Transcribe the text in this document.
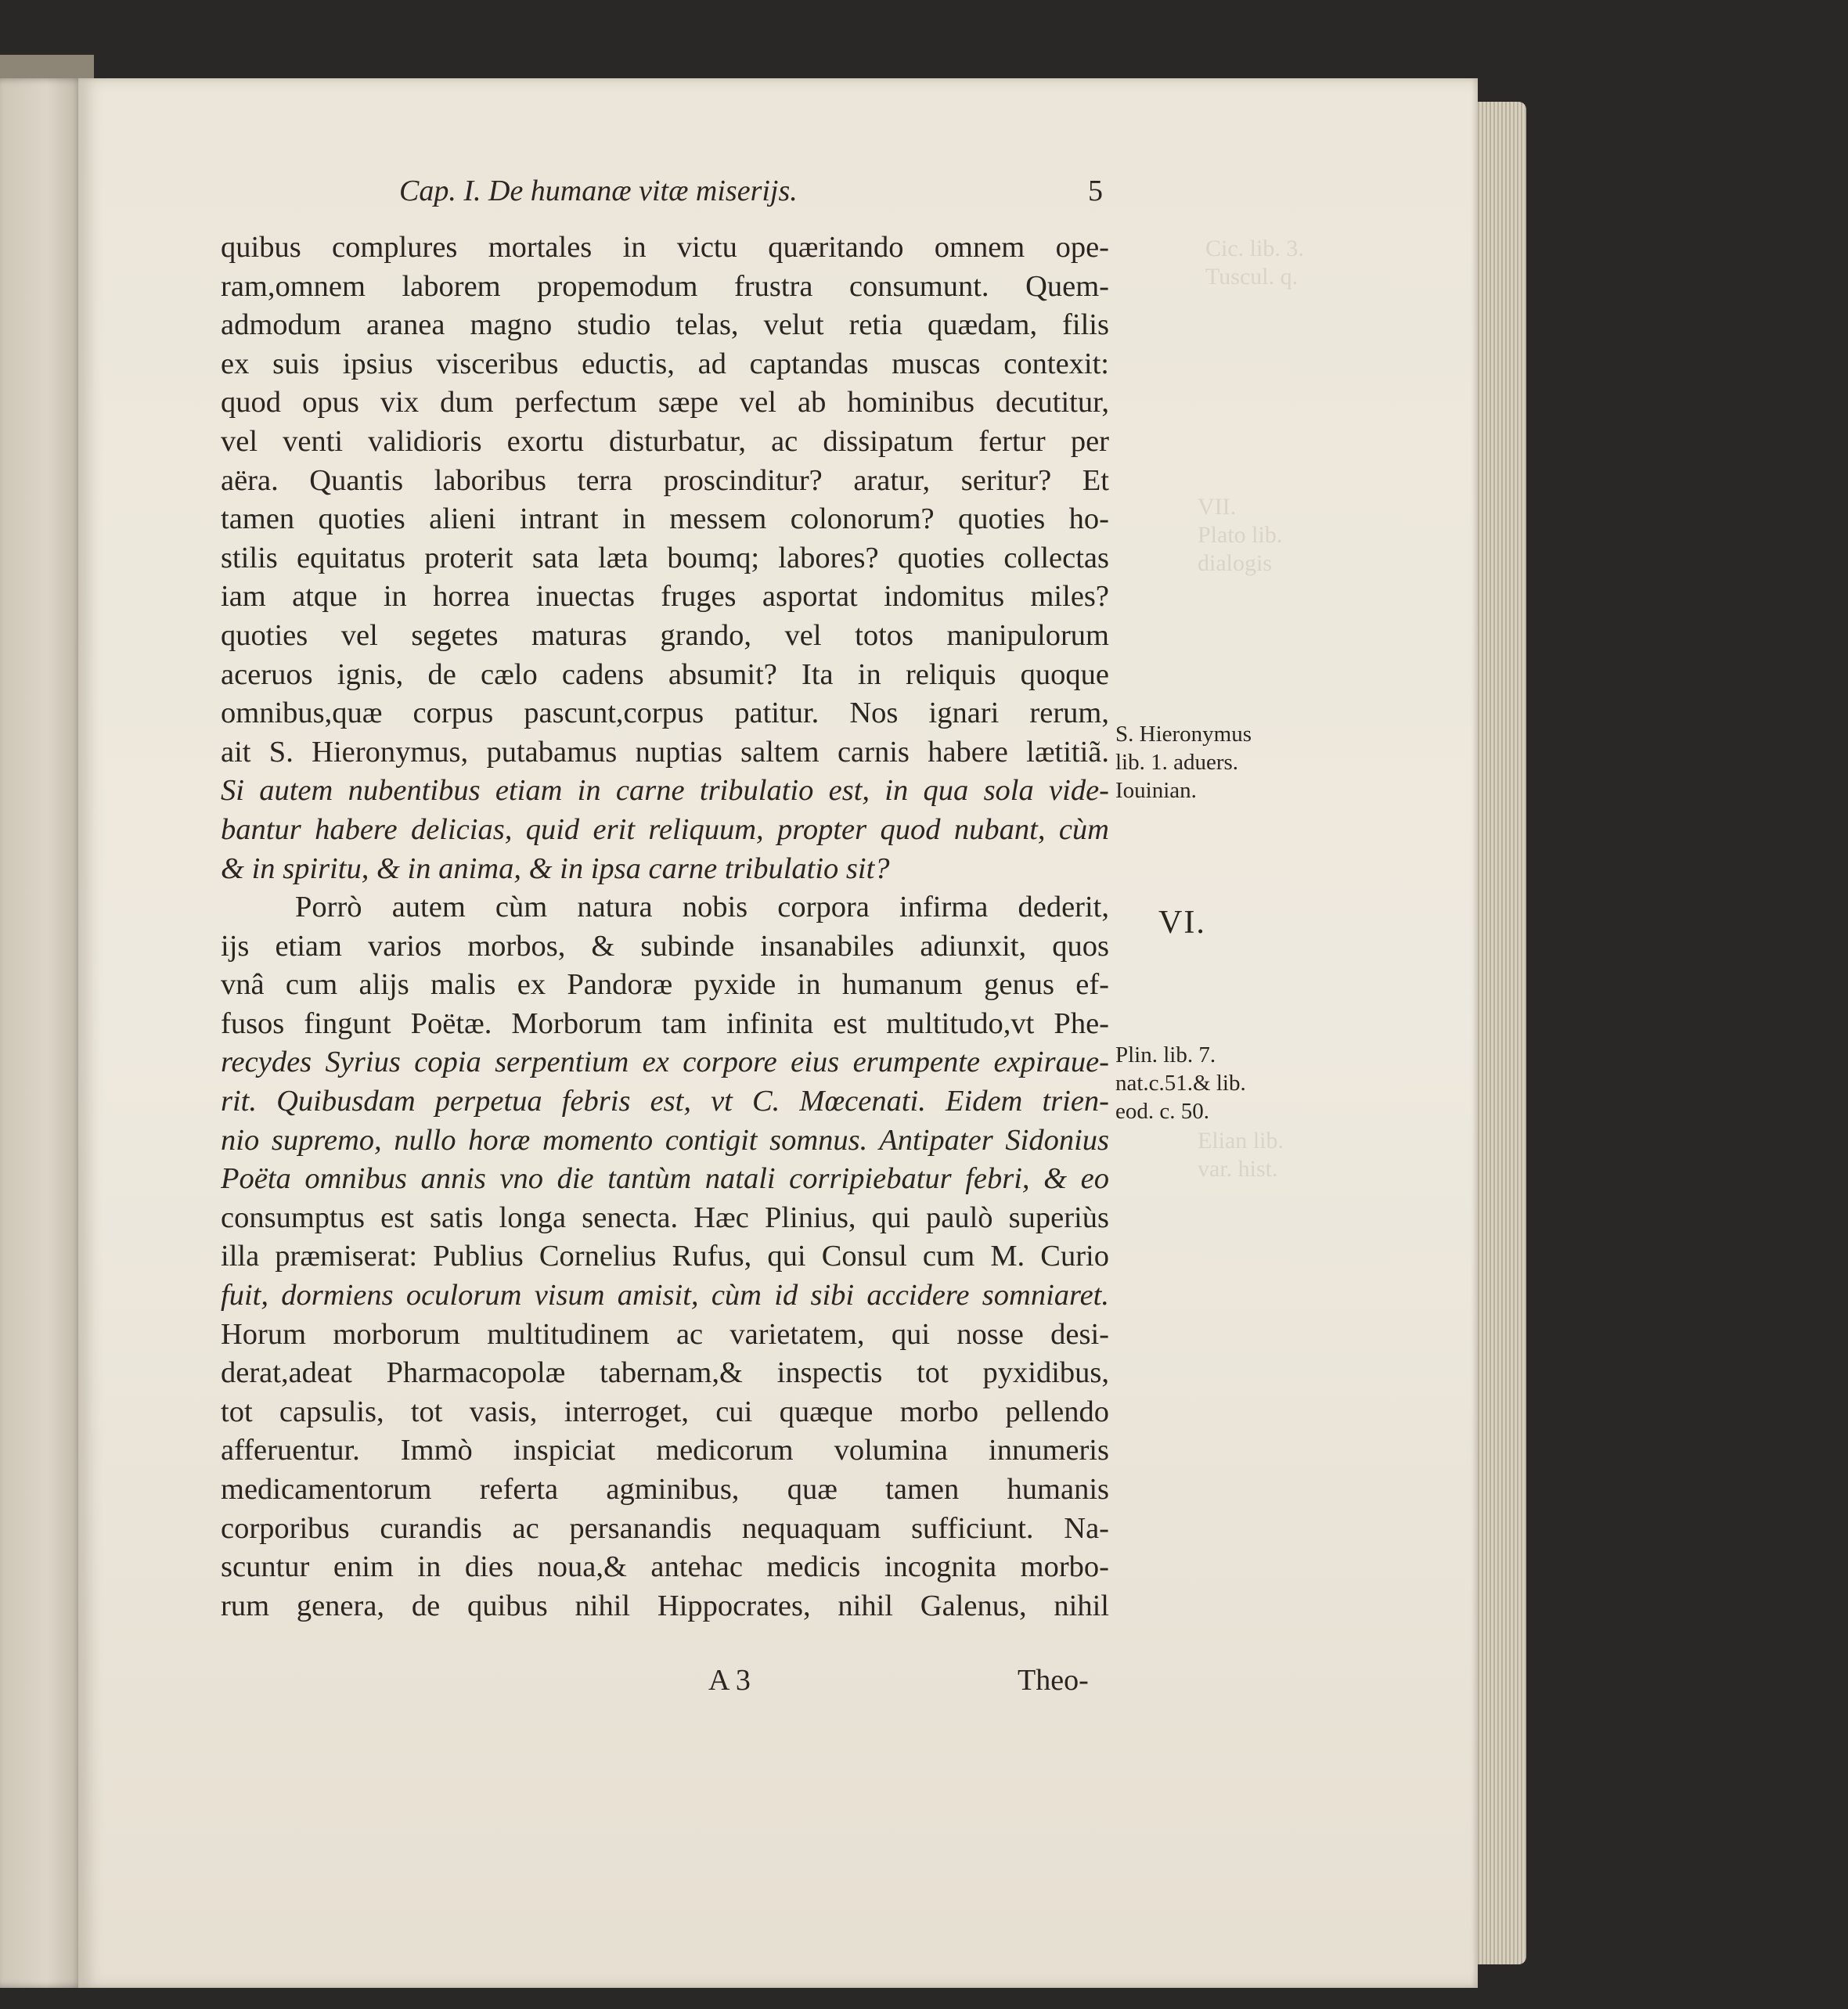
Cic. lib. 3.
Tuscul. q.
VII.
Plato lib.
dialogis
Elian lib.
var. hist.
Cap. I. De humanæ vitæ miserijs.	5
quibus complures mortales in victu quæritando omnem ope-
ram,omnem laborem propemodum frustra consumunt. Quem-
admodum aranea magno studio telas, velut retia quædam, filis
ex suis ipsius visceribus eductis, ad captandas muscas contexit:
quod opus vix dum perfectum sæpe vel ab hominibus decutitur,
vel venti validioris exortu disturbatur, ac dissipatum fertur per
aëra. Quantis laboribus terra proscinditur? aratur, seritur? Et
tamen quoties alieni intrant in messem colonorum? quoties ho-
stilis equitatus proterit sata læta boumq; labores? quoties collectas
iam atque in horrea inuectas fruges asportat indomitus miles?
quoties vel segetes maturas grando, vel totos manipulorum
aceruos ignis, de cælo cadens absumit? Ita in reliquis quoque
omnibus,quæ corpus pascunt,corpus patitur. Nos ignari rerum,
ait S. Hieronymus, putabamus nuptias saltem carnis habere lætitiã.
Si autem nubentibus etiam in carne tribulatio est, in qua sola vide-
bantur habere delicias, quid erit reliquum, propter quod nubant, cùm
& in spiritu, & in anima, & in ipsa carne tribulatio sit?
Porrò autem cùm natura nobis corpora infirma dederit,
ijs etiam varios morbos, & subinde insanabiles adiunxit, quos
vnâ cum alijs malis ex Pandoræ pyxide in humanum genus ef-
fusos fingunt Poëtæ. Morborum tam infinita est multitudo,vt Phe-
recydes Syrius copia serpentium ex corpore eius erumpente expiraue-
rit. Quibusdam perpetua febris est, vt C. Mœcenati. Eidem trien-
nio supremo, nullo horæ momento contigit somnus. Antipater Sidonius
Poëta omnibus annis vno die tantùm natali corripiebatur febri, & eo
consumptus est satis longa senecta. Hæc Plinius, qui paulò superiùs
illa præmiserat: Publius Cornelius Rufus, qui Consul cum M. Curio
fuit, dormiens oculorum visum amisit, cùm id sibi accidere somniaret.
Horum morborum multitudinem ac varietatem, qui nosse desi-
derat,adeat Pharmacopolæ tabernam,& inspectis tot pyxidibus,
tot capsulis, tot vasis, interroget, cui quæque morbo pellendo
afferuentur. Immò inspiciat medicorum volumina innumeris
medicamentorum referta agminibus, quæ tamen humanis
corporibus curandis ac persanandis nequaquam sufficiunt. Na-
scuntur enim in dies noua,& antehac medicis incognita morbo-
rum genera, de quibus nihil Hippocrates, nihil Galenus, nihil
S. Hieronymus
lib. 1. aduers.
Iouinian.
VI.
Plin. lib. 7.
nat.c.51.& lib.
eod. c. 50.
A 3	Theo-
